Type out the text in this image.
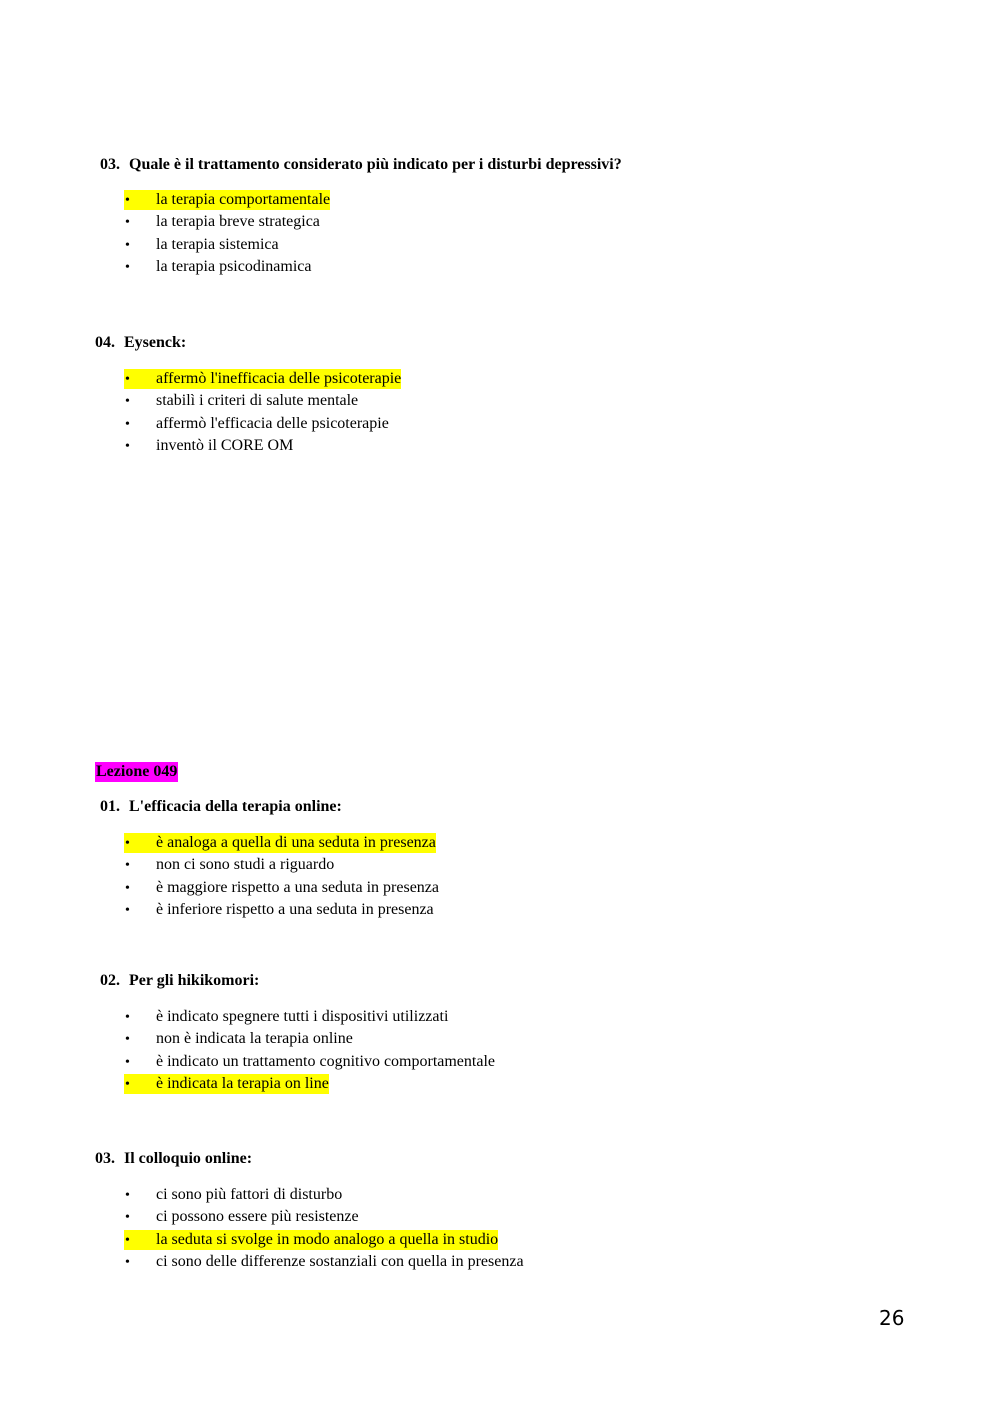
03. Quale è il trattamento considerato più indicato per i disturbi depressivi?
• la terapia comportamentale
• la terapia breve strategica
• la terapia sistemica
• la terapia psicodinamica
04. Eysenck:
• affermò l'inefficacia delle psicoterapie
• stabilì i criteri di salute mentale
• affermò l'efficacia delle psicoterapie
• inventò il CORE OM
Lezione 049
01. L'efficacia della terapia online:
• è analoga a quella di una seduta in presenza
• non ci sono studi a riguardo
• è maggiore rispetto a una seduta in presenza
• è inferiore rispetto a una seduta in presenza
02. Per gli hikikomori:
• è indicato spegnere tutti i dispositivi utilizzati
• non è indicata la terapia online
• è indicato un trattamento cognitivo comportamentale
• è indicata la terapia on line
03. Il colloquio online:
• ci sono più fattori di disturbo
• ci possono essere più resistenze
• la seduta si svolge in modo analogo a quella in studio
• ci sono delle differenze sostanziali con quella in presenza
26
